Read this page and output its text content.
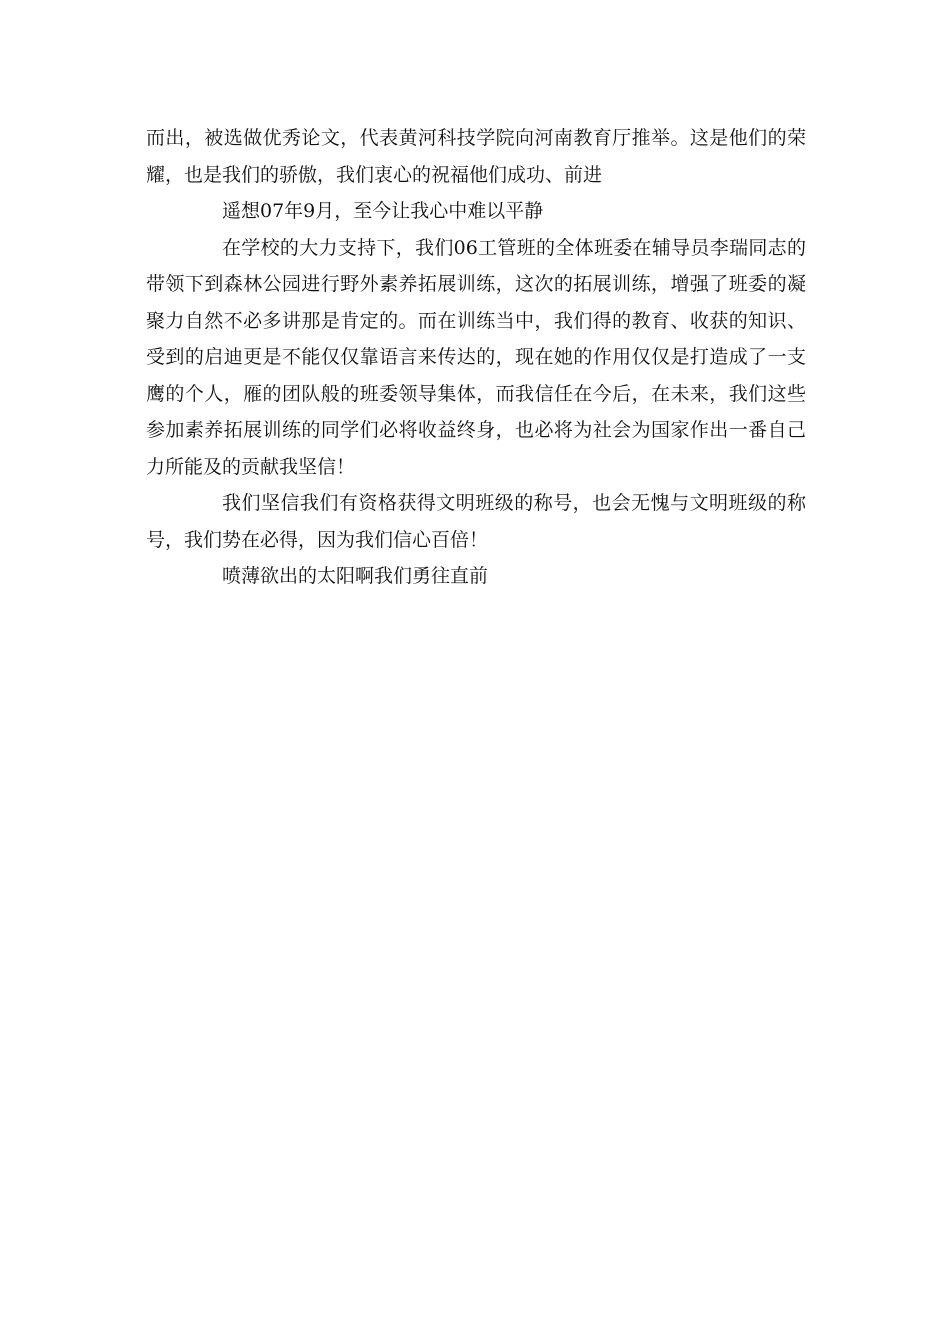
而出，被选做优秀论文，代表黄河科技学院向河南教育厅推举。这是他们的荣耀，也是我们的骄傲，我们衷心的祝福他们成功、前进

遥想07年9月，至今让我心中难以平静

在学校的大力支持下，我们06工管班的全体班委在辅导员李瑞同志的带领下到森林公园进行野外素养拓展训练，这次的拓展训练，增强了班委的凝聚力自然不必多讲那是肯定的。而在训练当中，我们得的教育、收获的知识、受到的启迪更是不能仅仅靠语言来传达的，现在她的作用仅仅是打造成了一支鹰的个人，雁的团队般的班委领导集体，而我信任在今后，在未来，我们这些参加素养拓展训练的同学们必将收益终身，也必将为社会为国家作出一番自己力所能及的贡献我坚信！

我们坚信我们有资格获得文明班级的称号，也会无愧与文明班级的称号，我们势在必得，因为我们信心百倍！

喷薄欲出的太阳啊我们勇往直前
